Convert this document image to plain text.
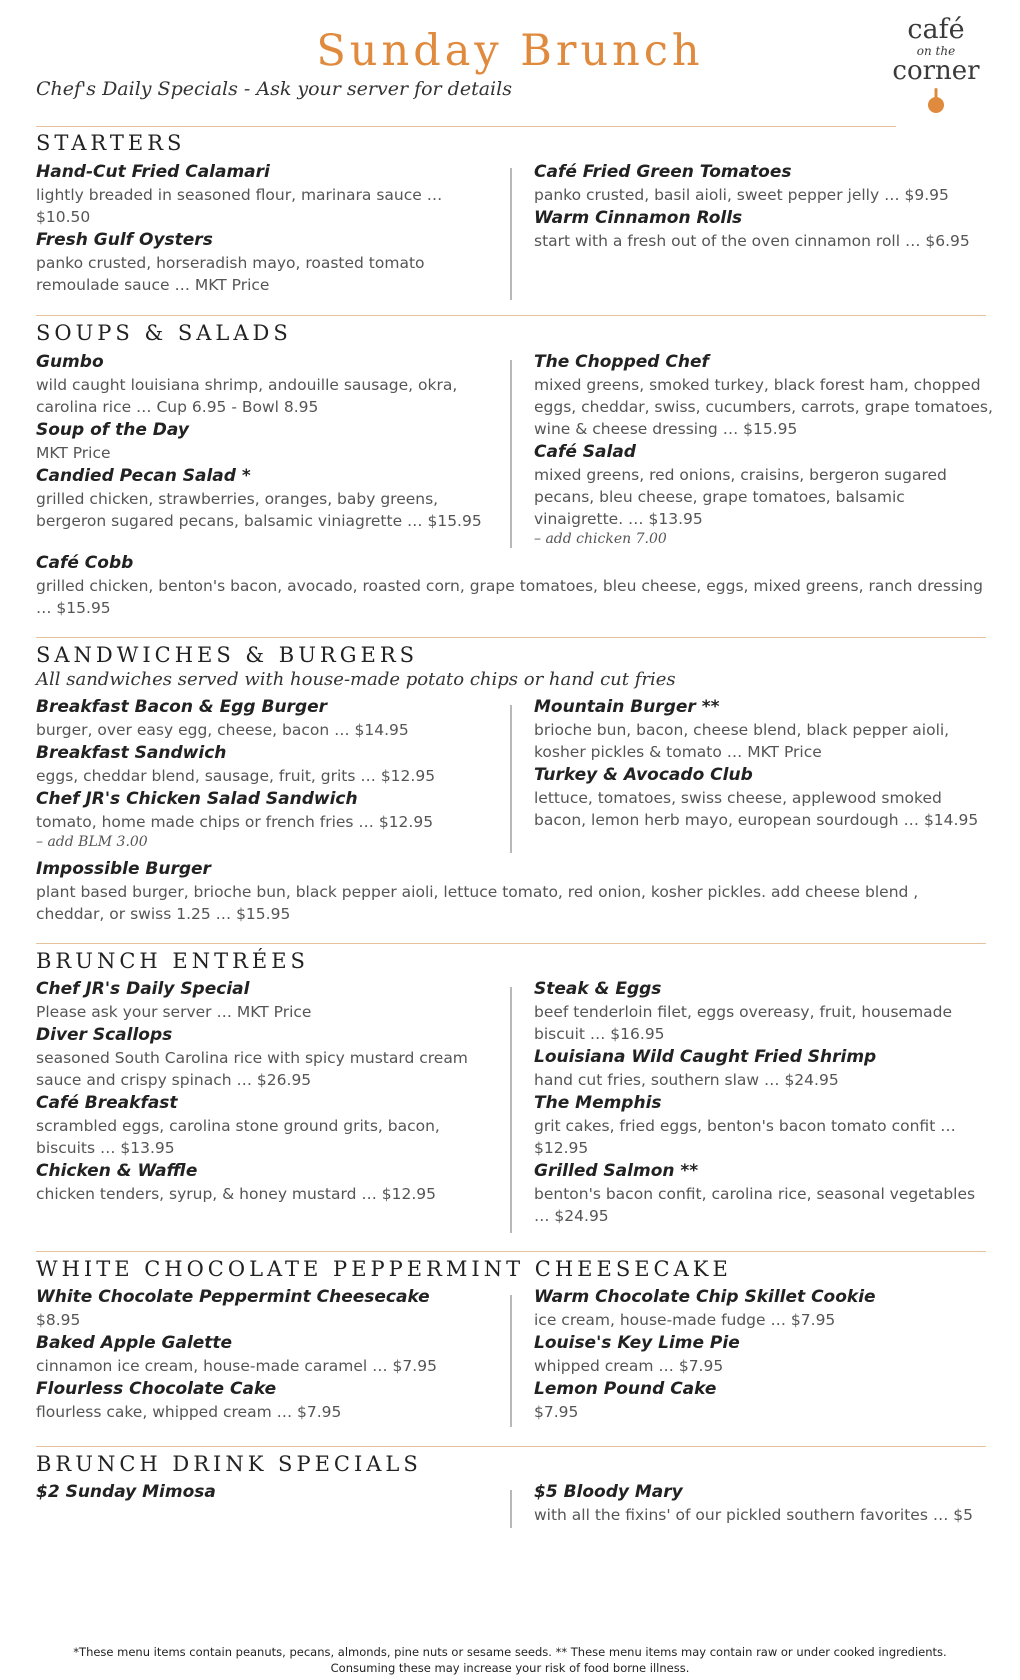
Sunday Brunch
Chef's Daily Specials - Ask your server for details
café
on the
corner
STARTERS
Hand-Cut Fried Calamari
lightly breaded in seasoned flour, marinara sauce … $10.50
Fresh Gulf Oysters
panko crusted, horseradish mayo, roasted tomato remoulade sauce … MKT Price
Café Fried Green Tomatoes
panko crusted, basil aioli, sweet pepper jelly … $9.95
Warm Cinnamon Rolls
start with a fresh out of the oven cinnamon roll … $6.95
SOUPS & SALADS
Gumbo
wild caught louisiana shrimp, andouille sausage, okra, carolina rice … Cup 6.95 - Bowl 8.95
Soup of the Day
MKT Price
Candied Pecan Salad *
grilled chicken, strawberries, oranges, baby greens, bergeron sugared pecans, balsamic viniagrette … $15.95
The Chopped Chef
mixed greens, smoked turkey, black forest ham, chopped eggs, cheddar, swiss, cucumbers, carrots, grape tomatoes, wine & cheese dressing … $15.95
Café Salad
mixed greens, red onions, craisins, bergeron sugared pecans, bleu cheese, grape tomatoes, balsamic vinaigrette. … $13.95
– add chicken 7.00
Café Cobb
grilled chicken, benton's bacon, avocado, roasted corn, grape tomatoes, bleu cheese, eggs, mixed greens, ranch dressing … $15.95
SANDWICHES & BURGERS
All sandwiches served with house-made potato chips or hand cut fries
Breakfast Bacon & Egg Burger
burger, over easy egg, cheese, bacon … $14.95
Breakfast Sandwich
eggs, cheddar blend, sausage, fruit, grits … $12.95
Chef JR's Chicken Salad Sandwich
tomato, home made chips or french fries … $12.95
– add BLM 3.00
Mountain Burger **
brioche bun, bacon, cheese blend, black pepper aioli, kosher pickles & tomato … MKT Price
Turkey & Avocado Club
lettuce, tomatoes, swiss cheese, applewood smoked bacon, lemon herb mayo, european sourdough … $14.95
Impossible Burger
plant based burger, brioche bun, black pepper aioli, lettuce tomato, red onion, kosher pickles. add cheese blend , cheddar, or swiss 1.25 … $15.95
BRUNCH ENTRÉES
Chef JR's Daily Special
Please ask your server … MKT Price
Diver Scallops
seasoned South Carolina rice with spicy mustard cream sauce and crispy spinach … $26.95
Café Breakfast
scrambled eggs, carolina stone ground grits, bacon, biscuits … $13.95
Chicken & Waffle
chicken tenders, syrup, & honey mustard … $12.95
Steak & Eggs
beef tenderloin filet, eggs overeasy, fruit, housemade biscuit … $16.95
Louisiana Wild Caught Fried Shrimp
hand cut fries, southern slaw … $24.95
The Memphis
grit cakes, fried eggs, benton's bacon tomato confit … $12.95
Grilled Salmon **
benton's bacon confit, carolina rice, seasonal vegetables … $24.95
WHITE CHOCOLATE PEPPERMINT CHEESECAKE
White Chocolate Peppermint Cheesecake
$8.95
Baked Apple Galette
cinnamon ice cream, house-made caramel … $7.95
Flourless Chocolate Cake
flourless cake, whipped cream … $7.95
Warm Chocolate Chip Skillet Cookie
ice cream, house-made fudge … $7.95
Louise's Key Lime Pie
whipped cream … $7.95
Lemon Pound Cake
$7.95
BRUNCH DRINK SPECIALS
$2 Sunday Mimosa	$5 Bloody Mary
with all the fixins' of our pickled southern favorites … $5
*These menu items contain peanuts, pecans, almonds, pine nuts or sesame seeds. ** These menu items may contain raw or under cooked ingredients. Consuming these may increase your risk of food borne illness.
